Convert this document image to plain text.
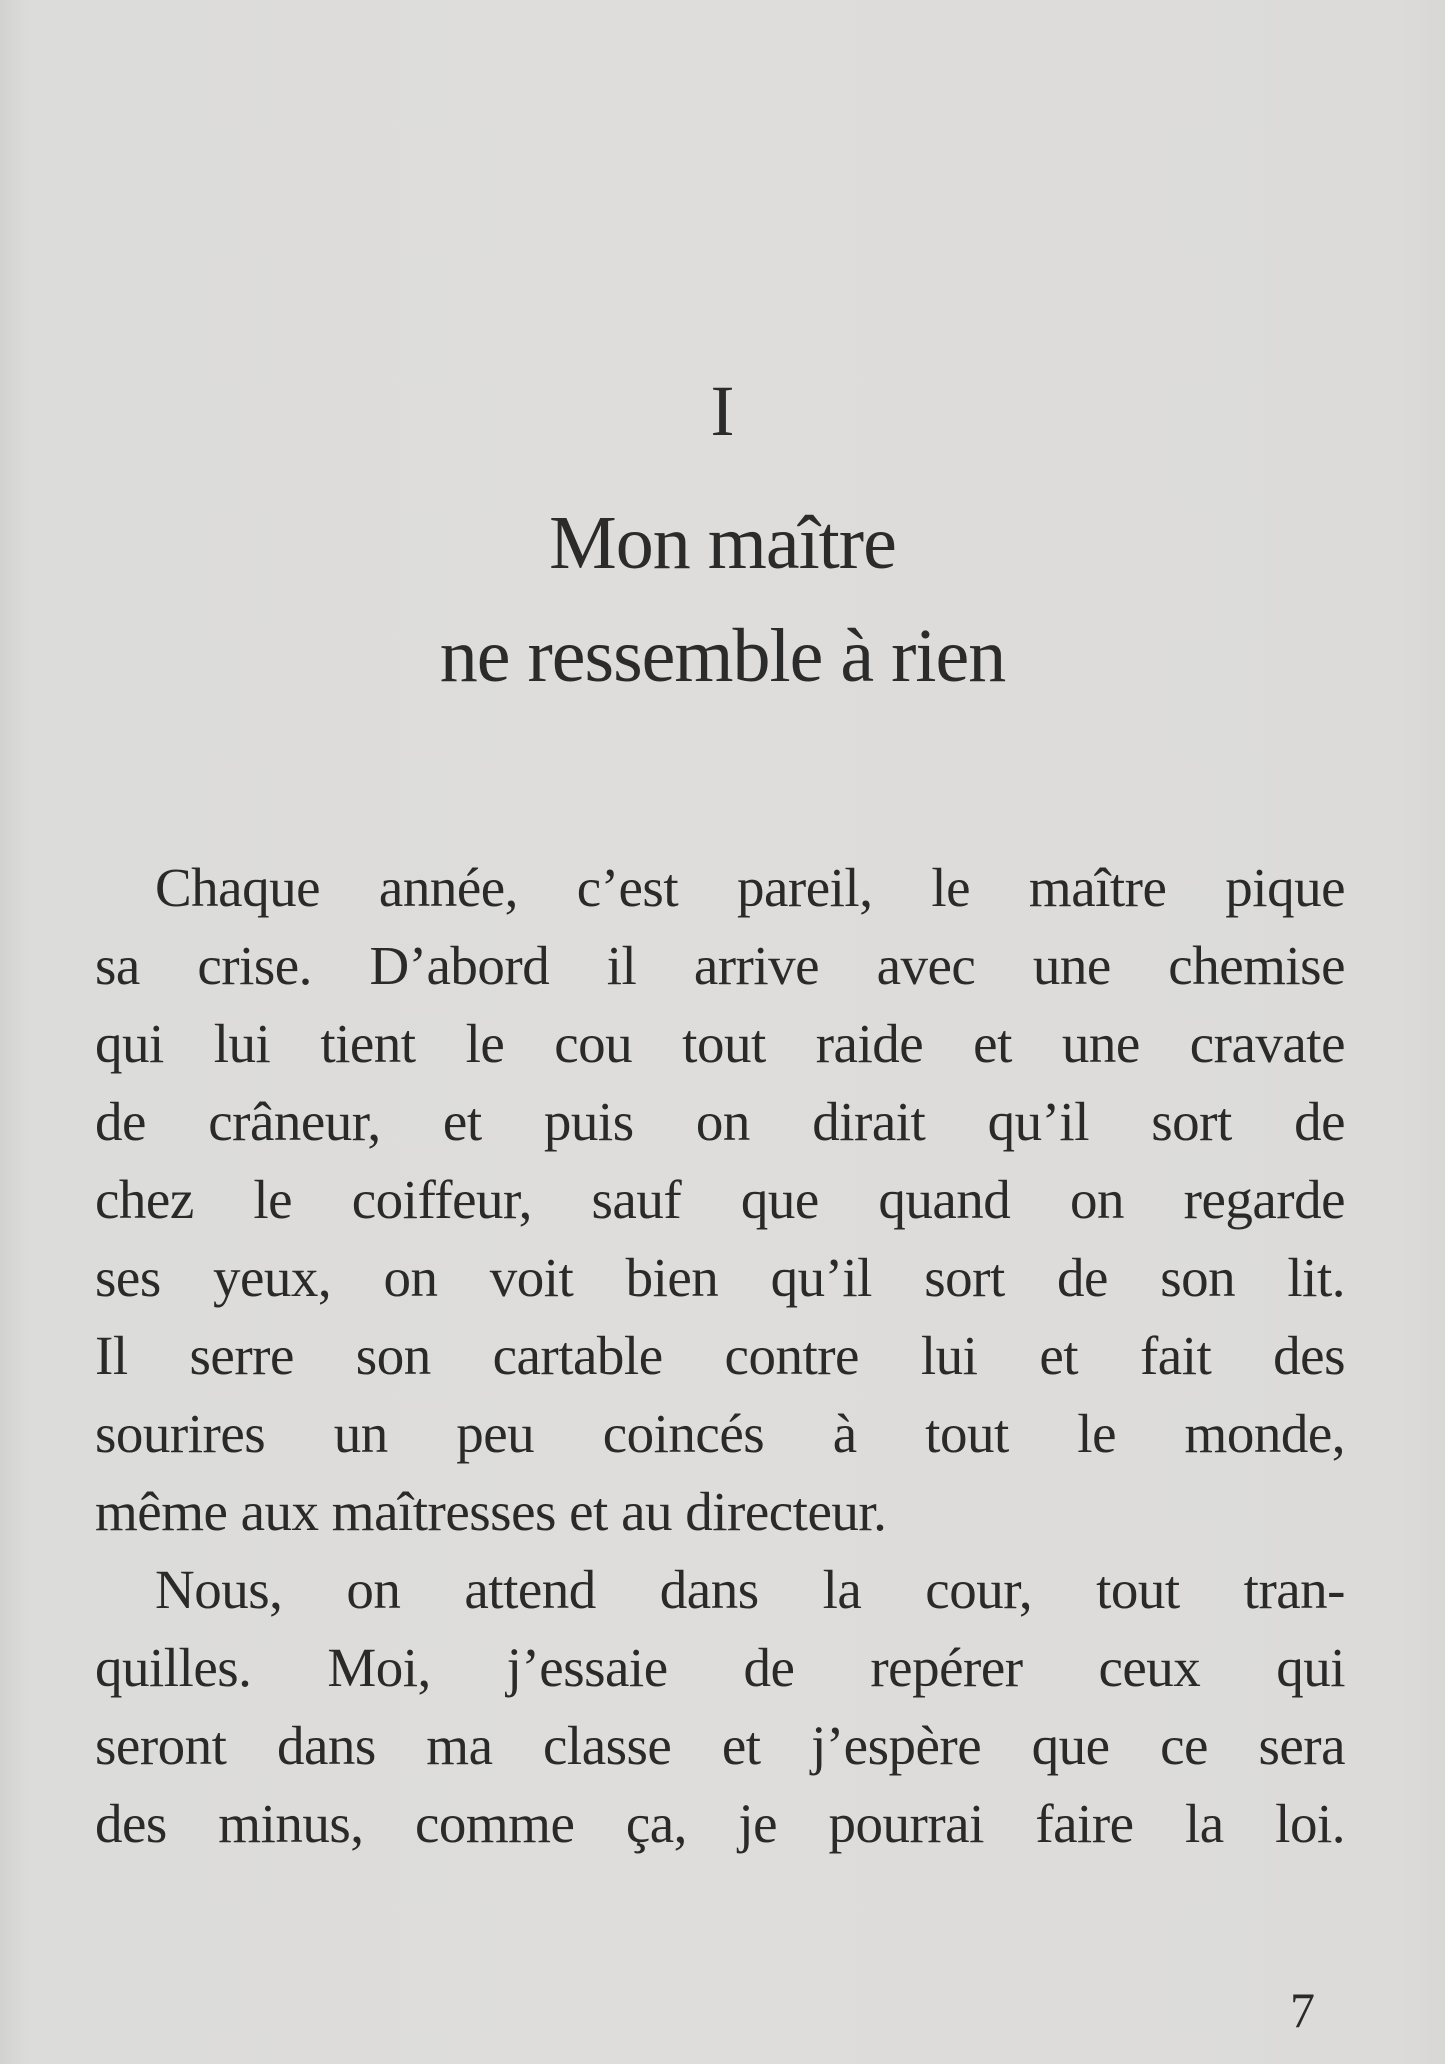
I
Mon maître
ne ressemble à rien
Chaque année, c’est pareil, le maître pique
sa crise. D’abord il arrive avec une chemise
qui lui tient le cou tout raide et une cravate
de crâneur, et puis on dirait qu’il sort de
chez le coiffeur, sauf que quand on regarde
ses yeux, on voit bien qu’il sort de son lit.
Il serre son cartable contre lui et fait des
sourires un peu coincés à tout le monde,
même aux maîtresses et au directeur.
Nous, on attend dans la cour, tout tran-
quilles. Moi, j’essaie de repérer ceux qui
seront dans ma classe et j’espère que ce sera
des minus, comme ça, je pourrai faire la loi.
7
